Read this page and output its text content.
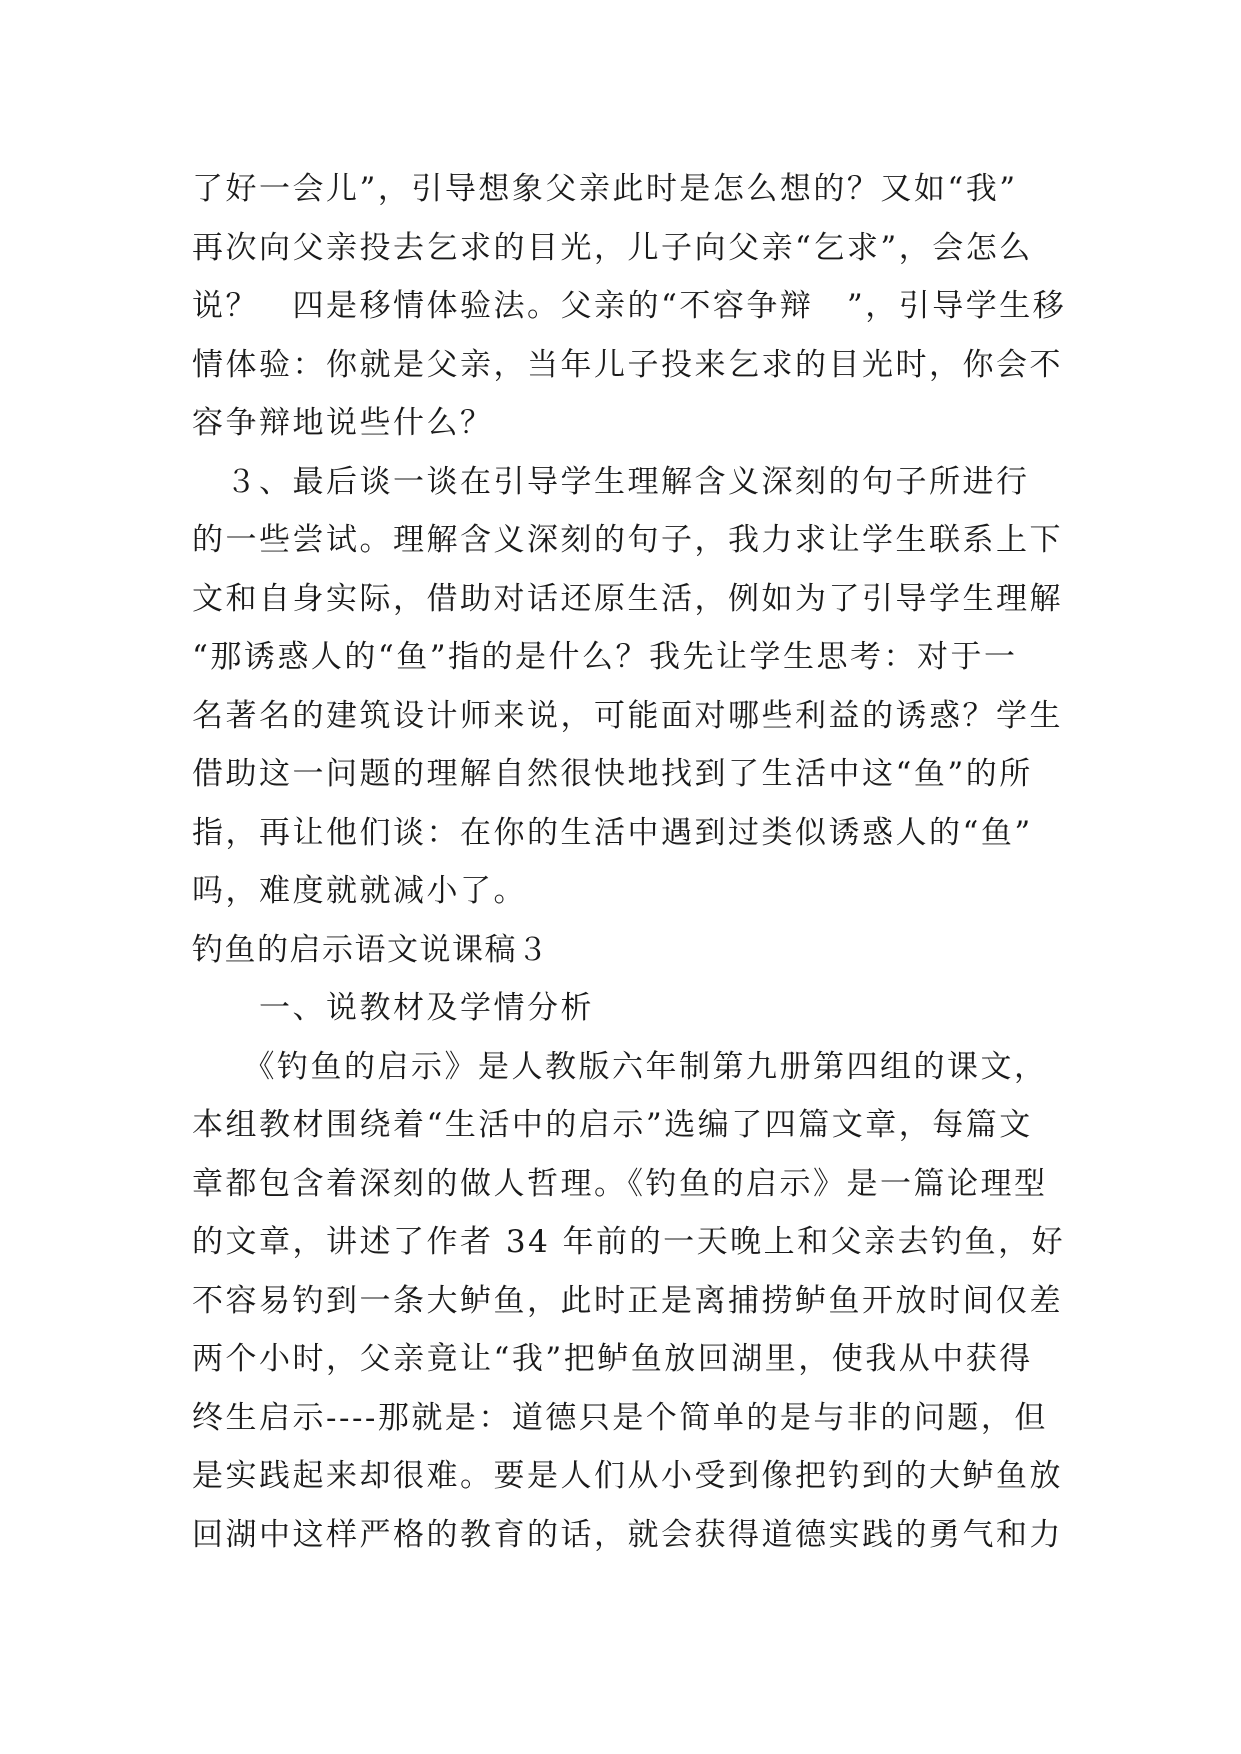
了好一会儿”，引导想象父亲此时是怎么想的？又如“我”
再次向父亲投去乞求的目光，儿子向父亲“乞求”，会怎么
说？　四是移情体验法。父亲的“不容争辩　”，引导学生移
情体验：你就是父亲，当年儿子投来乞求的目光时，你会不
容争辩地说些什么？
　３、最后谈一谈在引导学生理解含义深刻的句子所进行
的一些尝试。理解含义深刻的句子，我力求让学生联系上下
文和自身实际，借助对话还原生活，例如为了引导学生理解
“那诱惑人的“鱼”指的是什么？我先让学生思考：对于一
名著名的建筑设计师来说，可能面对哪些利益的诱惑？学生
借助这一问题的理解自然很快地找到了生活中这“鱼”的所
指，再让他们谈：在你的生活中遇到过类似诱惑人的“鱼”
吗，难度就就减小了。
钓鱼的启示语文说课稿３
　　一、说教材及学情分析
　　《钓鱼的启示》是人教版六年制第九册第四组的课文，
本组教材围绕着“生活中的启示”选编了四篇文章，每篇文
章都包含着深刻的做人哲理。《钓鱼的启示》是一篇论理型
的文章，讲述了作者 34 年前的一天晚上和父亲去钓鱼，好
不容易钓到一条大鲈鱼，此时正是离捕捞鲈鱼开放时间仅差
两个小时，父亲竟让“我”把鲈鱼放回湖里，使我从中获得
终生启示----那就是：道德只是个简单的是与非的问题，但
是实践起来却很难。要是人们从小受到像把钓到的大鲈鱼放
回湖中这样严格的教育的话，就会获得道德实践的勇气和力
